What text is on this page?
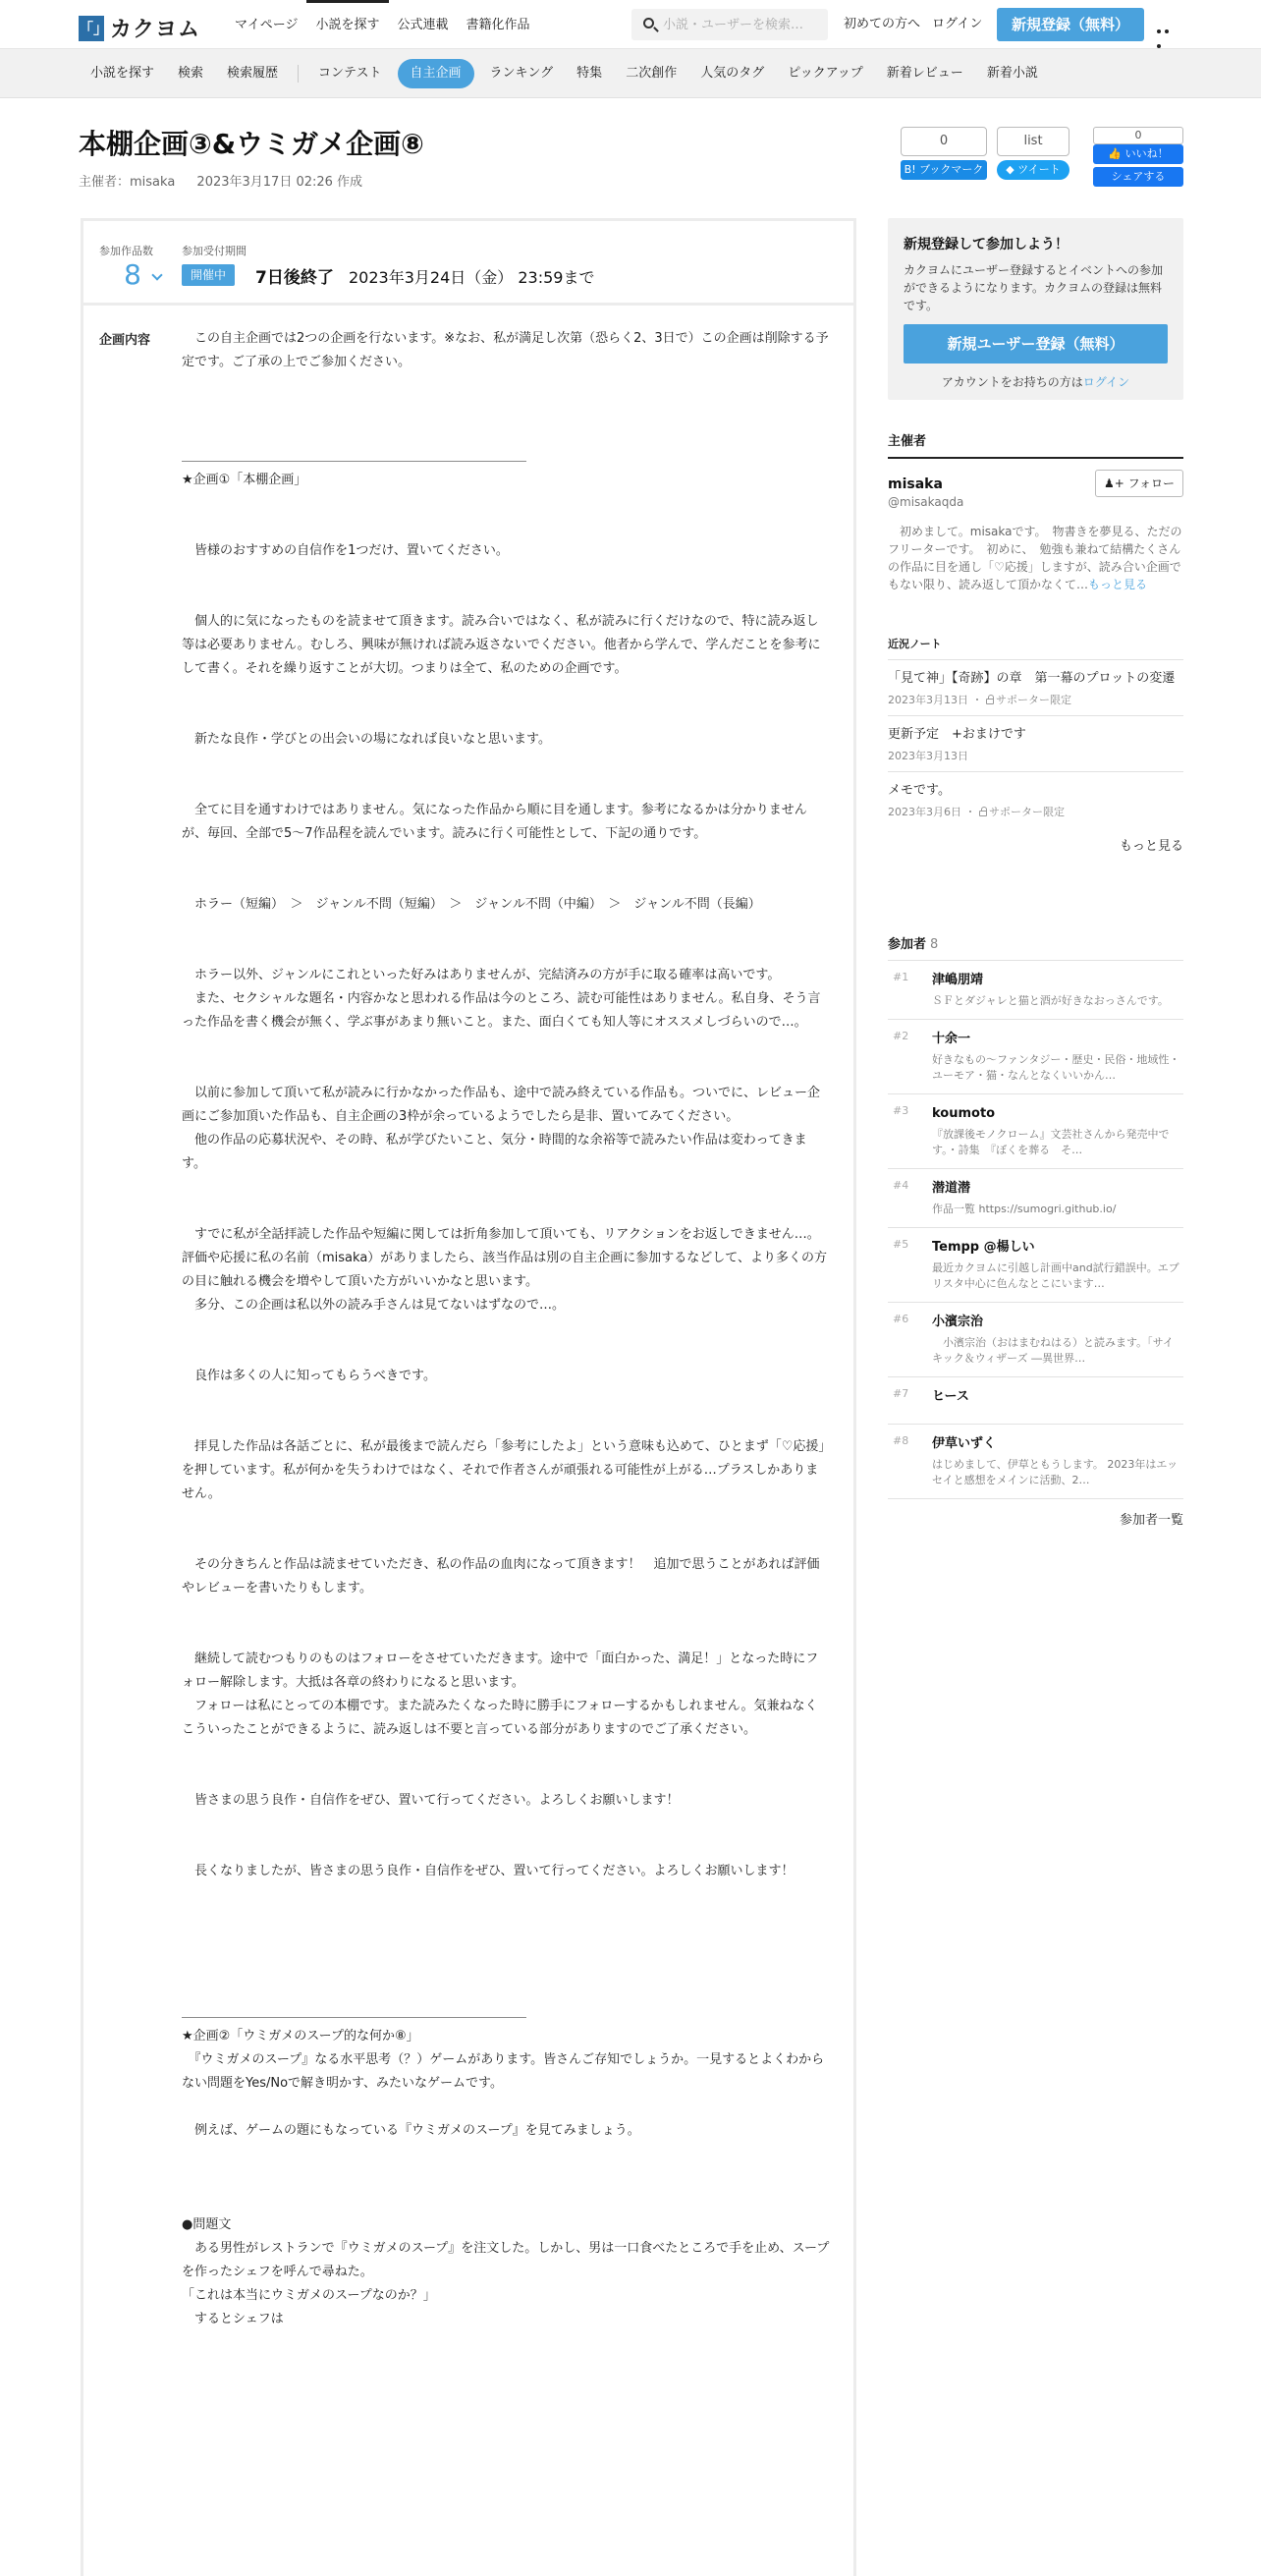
「」 カクヨム	マイページ	小説を探す	公式連載	書籍化作品
小説・ユーザーを検索…	初めての方へ ログイン	新規登録（無料）
小説を探す	検索	検索履歴	コンテスト	自主企画	ランキング	特集	二次創作	人気のタグ	ピックアップ	新着レビュー	新着小説
本棚企画③&ウミガメ企画⑧
主催者：misaka 2023年3月17日 02:26 作成
0
B! ブックマーク
list
◆ ツイート
0
👍 いいね！
シェアする
参加作品数
8
参加受付期間
開催中	7日後終了 2023年3月24日（金） 23:59まで
企画内容 　この自主企画では2つの企画を行ないます。※なお、私が満足し次第（恐らく2、3日で）この企画は削除する予定です。ご了承の上でご参加ください。

＿＿＿＿＿＿＿＿＿＿＿＿＿＿＿＿＿＿＿＿＿＿＿＿＿＿＿

★企画①「本棚企画」

　皆様のおすすめの自信作を1つだけ、置いてください。

　個人的に気になったものを読ませて頂きます。読み合いではなく、私が読みに行くだけなので、特に読み返し等は必要ありません。むしろ、興味が無ければ読み返さないでください。他者から学んで、学んだことを参考にして書く。それを繰り返すことが大切。つまりは全て、私のための企画です。

　新たな良作・学びとの出会いの場になれば良いなと思います。

　全てに目を通すわけではありません。気になった作品から順に目を通します。参考になるかは分かりませんが、毎回、全部で5～7作品程を読んでいます。読みに行く可能性として、下記の通りです。

　ホラー（短編）　＞　ジャンル不問（短編）　＞　ジャンル不問（中編）　＞　ジャンル不問（長編）

　ホラー以外、ジャンルにこれといった好みはありませんが、完結済みの方が手に取る確率は高いです。

　また、セクシャルな題名・内容かなと思われる作品は今のところ、読む可能性はありません。私自身、そう言った作品を書く機会が無く、学ぶ事があまり無いこと。また、面白くても知人等にオススメしづらいので…。

　以前に参加して頂いて私が読みに行かなかった作品も、途中で読み終えている作品も。ついでに、レビュー企画にご参加頂いた作品も、自主企画の3枠が余っているようでしたら是非、置いてみてください。

　他の作品の応募状況や、その時、私が学びたいこと、気分・時間的な余裕等で読みたい作品は変わってきます。

　すでに私が全話拝読した作品や短編に関しては折角参加して頂いても、リアクションをお返しできません…。評価や応援に私の名前（misaka）がありましたら、該当作品は別の自主企画に参加するなどして、より多くの方の目に触れる機会を増やして頂いた方がいいかなと思います。

　多分、この企画は私以外の読み手さんは見てないはずなので…。

　良作は多くの人に知ってもらうべきです。

　拝見した作品は各話ごとに、私が最後まで読んだら「参考にしたよ」という意味も込めて、ひとまず「♡応援」を押しています。私が何かを失うわけではなく、それで作者さんが頑張れる可能性が上がる…プラスしかありません。

　その分きちんと作品は読ませていただき、私の作品の血肉になって頂きます！　追加で思うことがあれば評価やレビューを書いたりもします。

　継続して読むつもりのものはフォローをさせていただきます。途中で「面白かった、満足！」となった時にフォロー解除します。大抵は各章の終わりになると思います。

　フォローは私にとっての本棚です。また読みたくなった時に勝手にフォローするかもしれません。気兼ねなくこういったことができるように、読み返しは不要と言っている部分がありますのでご了承ください。

　皆さまの思う良作・自信作をぜひ、置いて行ってください。よろしくお願いします！

　長くなりましたが、皆さまの思う良作・自信作をぜひ、置いて行ってください。よろしくお願いします！

＿＿＿＿＿＿＿＿＿＿＿＿＿＿＿＿＿＿＿＿＿＿＿＿＿＿＿

★企画②「ウミガメのスープ的な何か⑧」

　『ウミガメのスープ』なる水平思考（？）ゲームがあります。皆さんご存知でしょうか。一見するとよくわからない問題をYes/Noで解き明かす、みたいなゲームです。

　例えば、ゲームの題にもなっている『ウミガメのスープ』を見てみましょう。

●問題文

　ある男性がレストランで『ウミガメのスープ』を注文した。しかし、男は一口食べたところで手を止め、スープを作ったシェフを呼んで尋ねた。

「これは本当にウミガメのスープなのか？」

　するとシェフは

新規登録して参加しよう！
カクヨムにユーザー登録するとイベントへの参加ができるようになります。カクヨムの登録は無料です。
新規ユーザー登録（無料）
アカウントをお持ちの方はログイン
主催者
misaka
@misakaqda
♟+ フォロー
　初めまして。misakaです。　物書きを夢見る、ただのフリーターです。　初めに、　勉強も兼ねて結構たくさんの作品に目を通し「♡応援」しますが、読み合い企画でもない限り、読み返して頂かなくて…もっと見る
近況ノート
「見て神」【奇跡】の章　第一幕のプロットの変遷
2023年3月13日 ・ サポーター限定
更新予定　+おまけです
2023年3月13日
メモです。
2023年3月6日 ・ サポーター限定
もっと見る
参加者 8
#1 津嶋朋靖
ＳＦとダジャレと猫と酒が好きなおっさんです。
#2 十余一
好きなもの～ファンタジー・歴史・民俗・地域性・ユーモア・猫・なんとなくいいかん…
#3 koumoto
『放課後モノクローム』文芸社さんから発売中です。・詩集　『ぼくを葬る　そ…
#4 潜道潜
作品一覧 https://sumogri.github.io/
#5 Tempp @楊しい
最近カクヨムに引越し計画中and試行錯誤中。エブリスタ中心に色んなとこにいます…
#6 小濱宗治
　小濱宗治（おはまむねはる）と読みます。「サイキック＆ウィザーズ ―異世界…
#7 ヒース
#8 伊草いずく
はじめまして、伊草ともうします。 2023年はエッセイと感想をメインに活動、2…
参加者一覧
